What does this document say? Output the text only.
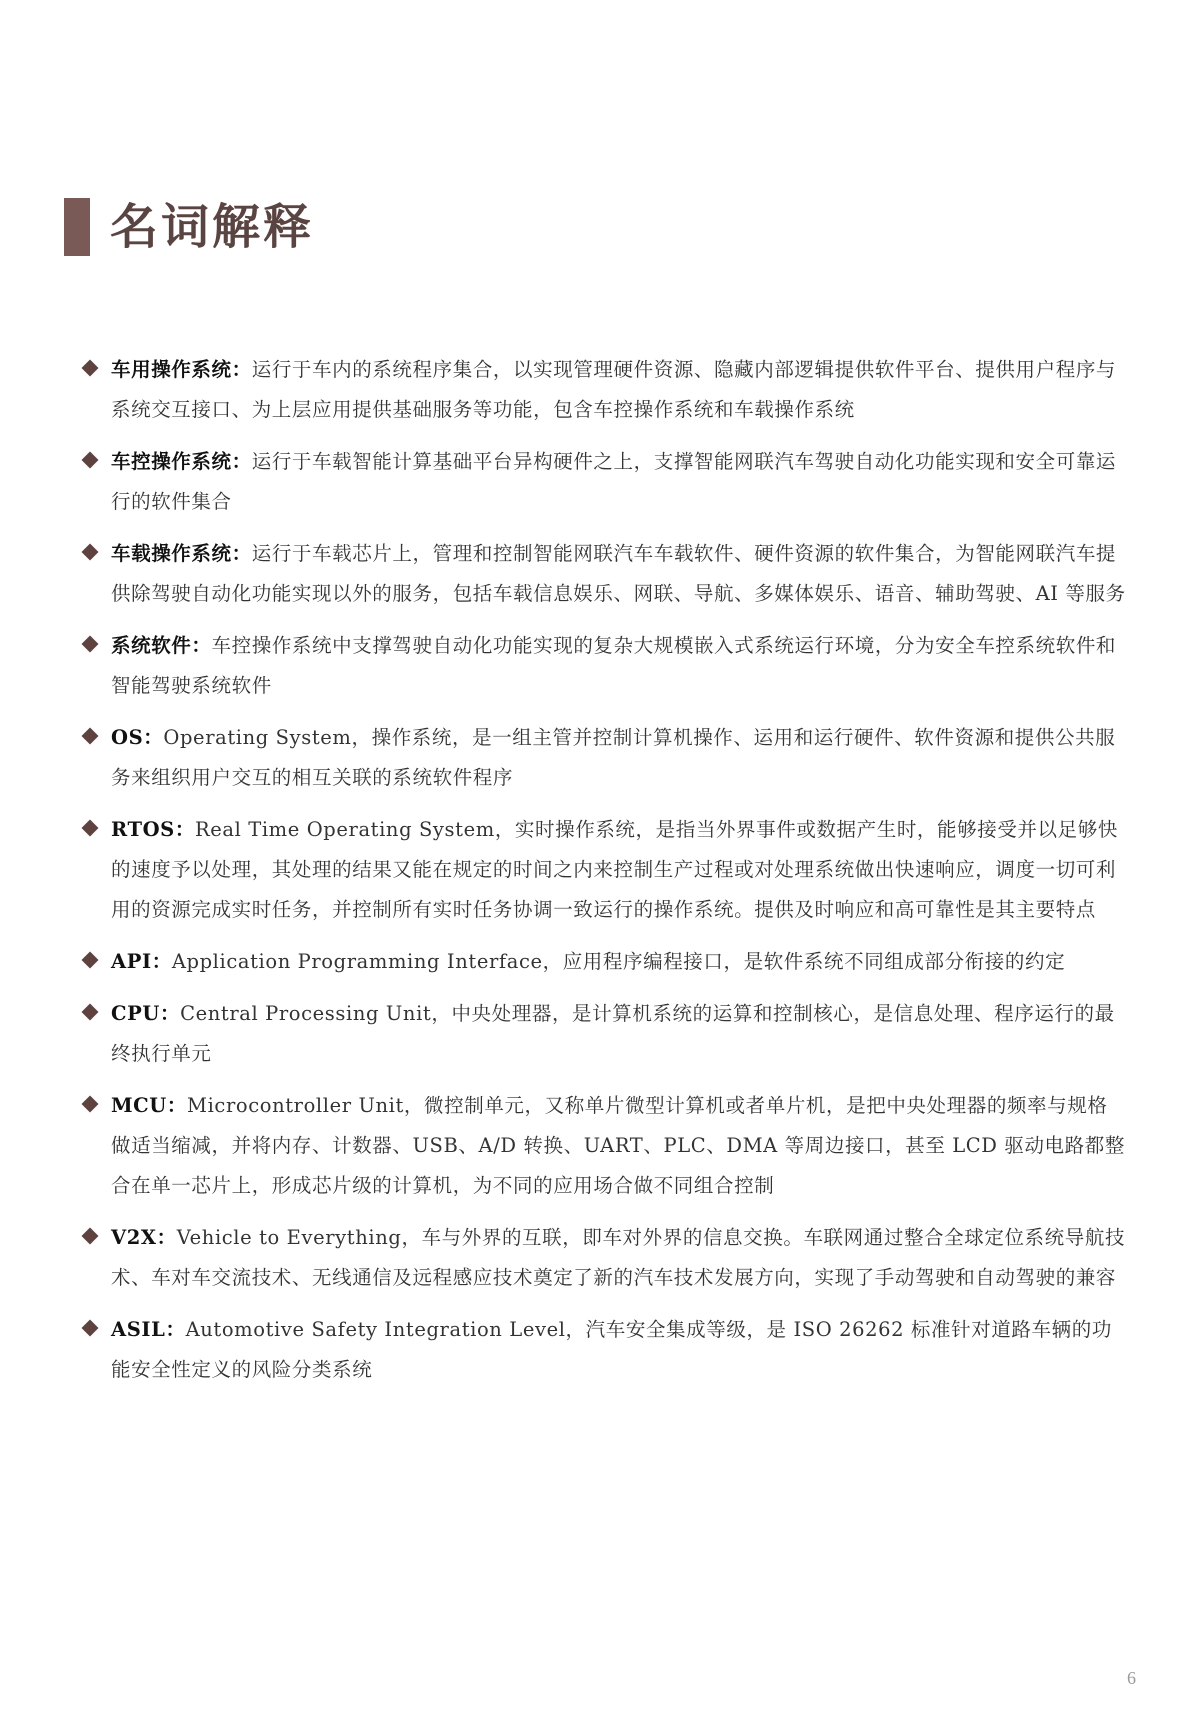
名词解释
车用操作系统：运行于车内的系统程序集合，以实现管理硬件资源、隐藏内部逻辑提供软件平台、提供用户程序与系统交互接口、为上层应用提供基础服务等功能，包含车控操作系统和车载操作系统
车控操作系统：运行于车载智能计算基础平台异构硬件之上，支撑智能网联汽车驾驶自动化功能实现和安全可靠运行的软件集合
车载操作系统：运行于车载芯片上，管理和控制智能网联汽车车载软件、硬件资源的软件集合，为智能网联汽车提供除驾驶自动化功能实现以外的服务，包括车载信息娱乐、网联、导航、多媒体娱乐、语音、辅助驾驶、AI 等服务
系统软件：车控操作系统中支撑驾驶自动化功能实现的复杂大规模嵌入式系统运行环境，分为安全车控系统软件和智能驾驶系统软件
OS：Operating System，操作系统，是一组主管并控制计算机操作、运用和运行硬件、软件资源和提供公共服务来组织用户交互的相互关联的系统软件程序
RTOS：Real Time Operating System，实时操作系统，是指当外界事件或数据产生时，能够接受并以足够快的速度予以处理，其处理的结果又能在规定的时间之内来控制生产过程或对处理系统做出快速响应，调度一切可利用的资源完成实时任务，并控制所有实时任务协调一致运行的操作系统。提供及时响应和高可靠性是其主要特点
API：Application Programming Interface，应用程序编程接口，是软件系统不同组成部分衔接的约定
CPU：Central Processing Unit，中央处理器，是计算机系统的运算和控制核心，是信息处理、程序运行的最终执行单元
MCU：Microcontroller Unit，微控制单元，又称单片微型计算机或者单片机，是把中央处理器的频率与规格做适当缩减，并将内存、计数器、USB、A/D 转换、UART、PLC、DMA 等周边接口，甚至 LCD 驱动电路都整合在单一芯片上，形成芯片级的计算机，为不同的应用场合做不同组合控制
V2X：Vehicle to Everything，车与外界的互联，即车对外界的信息交换。车联网通过整合全球定位系统导航技术、车对车交流技术、无线通信及远程感应技术奠定了新的汽车技术发展方向，实现了手动驾驶和自动驾驶的兼容
ASIL：Automotive Safety Integration Level，汽车安全集成等级，是 ISO 26262 标准针对道路车辆的功能安全性定义的风险分类系统
6
